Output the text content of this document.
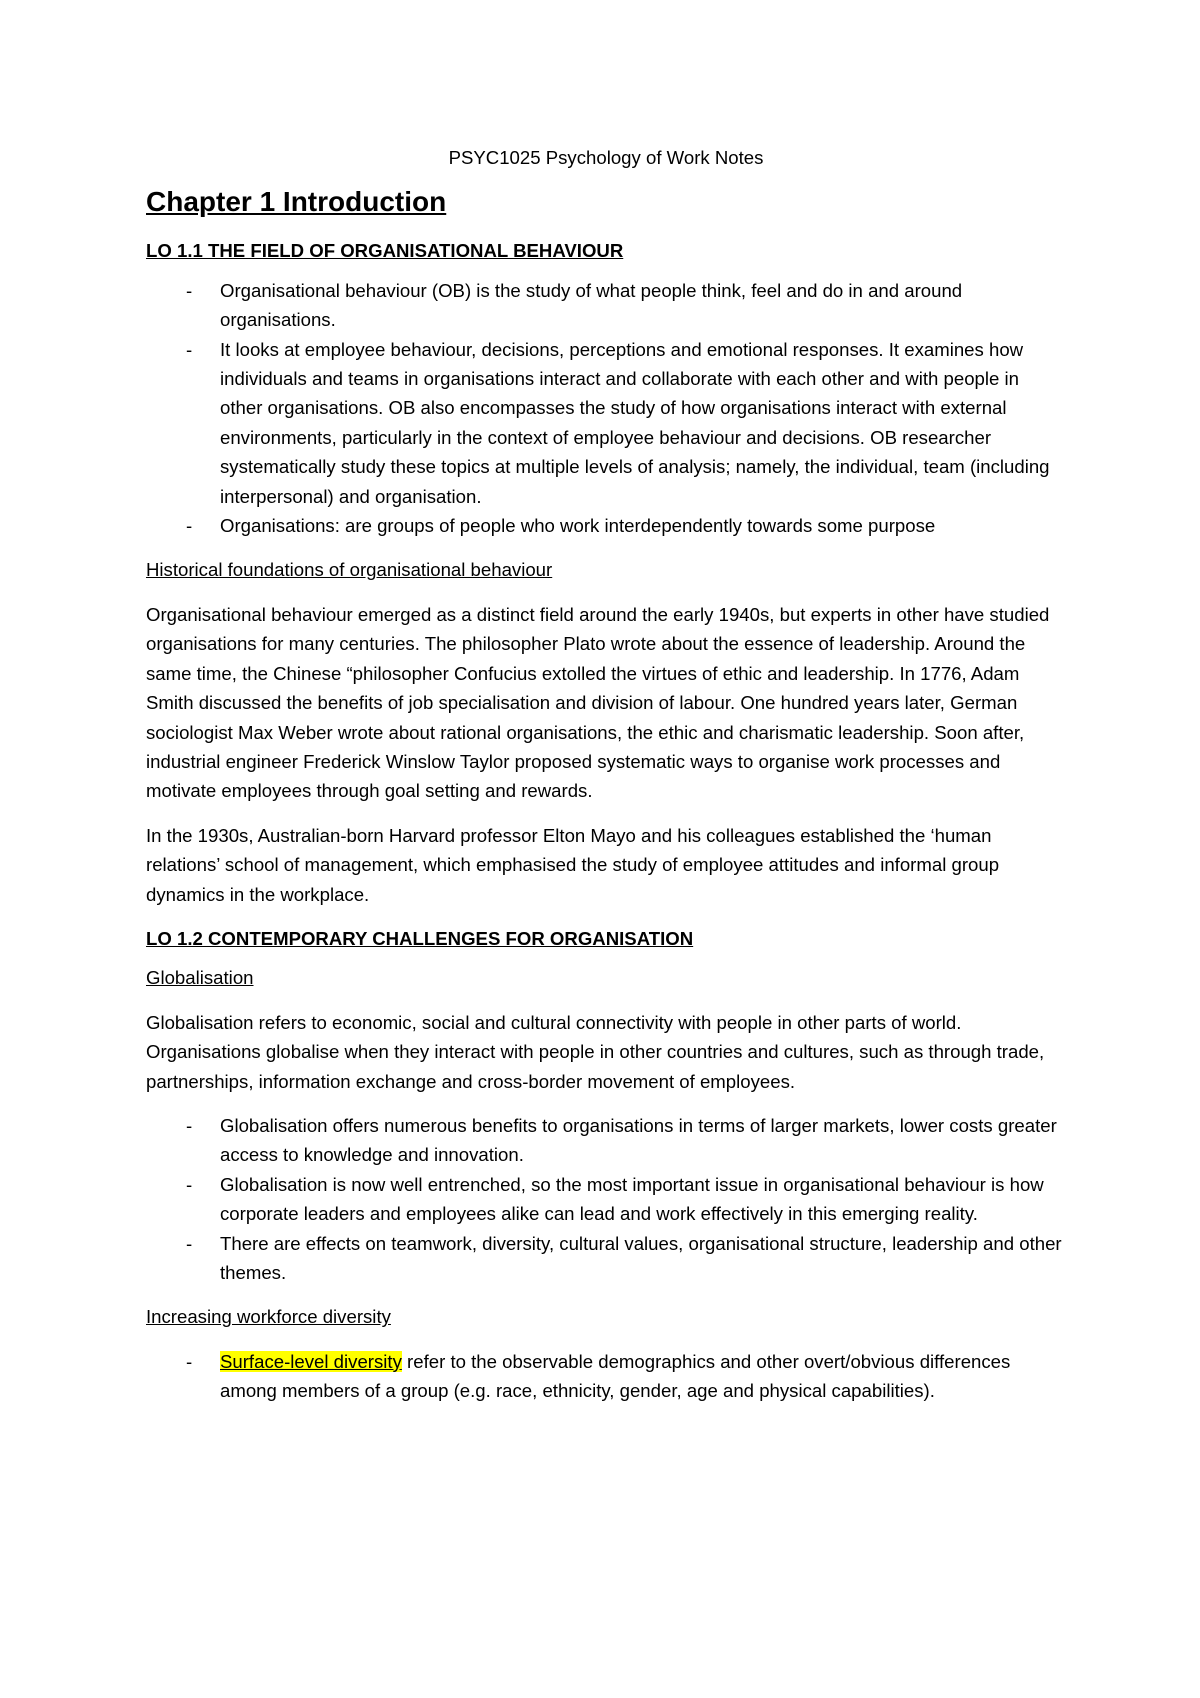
PSYC1025 Psychology of Work Notes
Chapter 1 Introduction
LO 1.1 THE FIELD OF ORGANISATIONAL BEHAVIOUR
- Organisational behaviour (OB) is the study of what people think, feel and do in and around organisations.
- It looks at employee behaviour, decisions, perceptions and emotional responses. It examines how individuals and teams in organisations interact and collaborate with each other and with people in other organisations. OB also encompasses the study of how organisations interact with external environments, particularly in the context of employee behaviour and decisions. OB researcher systematically study these topics at multiple levels of analysis; namely, the individual, team (including interpersonal) and organisation.
- Organisations: are groups of people who work interdependently towards some purpose
Historical foundations of organisational behaviour

Organisational behaviour emerged as a distinct field around the early 1940s, but experts in other have studied organisations for many centuries. The philosopher Plato wrote about the essence of leadership. Around the same time, the Chinese “philosopher Confucius extolled the virtues of ethic and leadership. In 1776, Adam Smith discussed the benefits of job specialisation and division of labour. One hundred years later, German sociologist Max Weber wrote about rational organisations, the ethic and charismatic leadership. Soon after, industrial engineer Frederick Winslow Taylor proposed systematic ways to organise work processes and motivate employees through goal setting and rewards.

In the 1930s, Australian-born Harvard professor Elton Mayo and his colleagues established the ‘human relations’ school of management, which emphasised the study of employee attitudes and informal group dynamics in the workplace.

LO 1.2 CONTEMPORARY CHALLENGES FOR ORGANISATION
Globalisation

Globalisation refers to economic, social and cultural connectivity with people in other parts of world. Organisations globalise when they interact with people in other countries and cultures, such as through trade, partnerships, information exchange and cross-border movement of employees.

- Globalisation offers numerous benefits to organisations in terms of larger markets, lower costs greater access to knowledge and innovation.
- Globalisation is now well entrenched, so the most important issue in organisational behaviour is how corporate leaders and employees alike can lead and work effectively in this emerging reality.
- There are effects on teamwork, diversity, cultural values, organisational structure, leadership and other themes.
Increasing workforce diversity
- Surface-level diversity refer to the observable demographics and other overt/obvious differences among members of a group (e.g. race, ethnicity, gender, age and physical capabilities).
